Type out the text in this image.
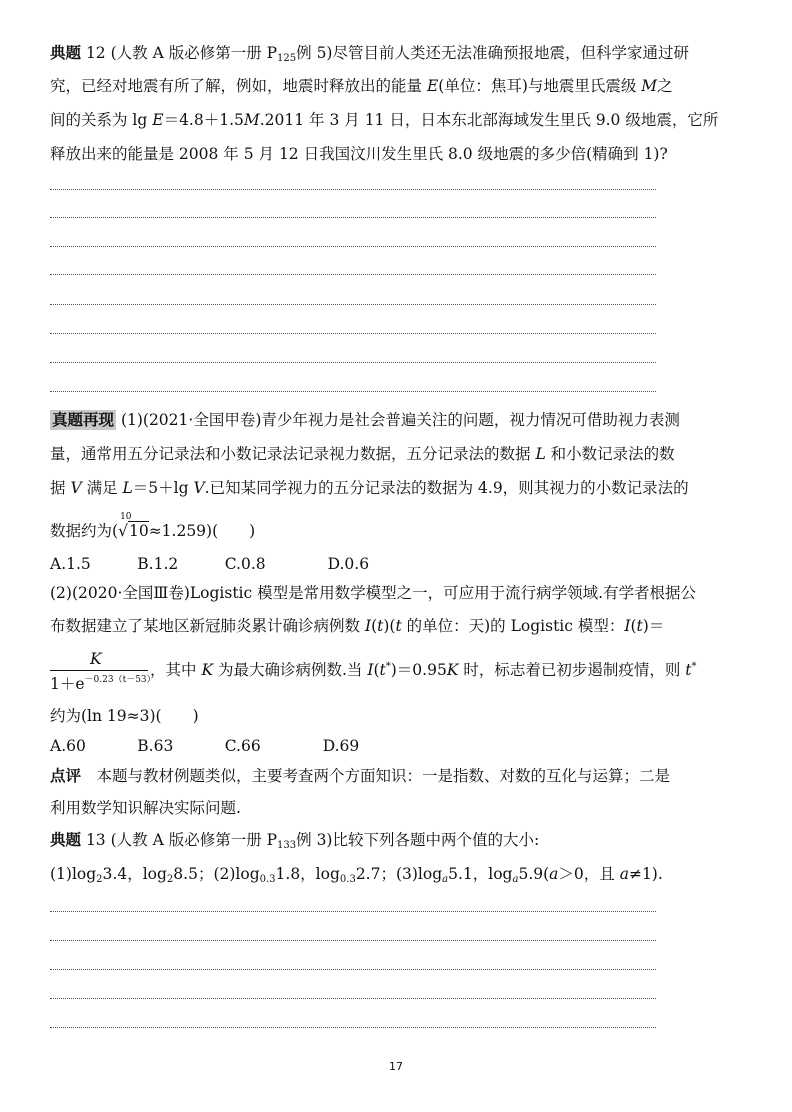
典题 12 (人教 A 版必修第一册 $P_{125}$例 5)尽管目前人类还无法准确预报地震，但科学家通过研
究，已经对地震有所了解，例如，地震时释放出的能量 E(单位：焦耳)与地震里氏震级 M之
间的关系为 lg E＝4.8＋1.5M.2011 年 3 月 11 日，日本东北部海域发生里氏 9.0 级地震，它所
释放出来的能量是 2008 年 5 月 12 日我国汶川发生里氏 8.0 级地震的多少倍(精确到 1)?
真题再现 (1)(2021·全国甲卷)青少年视力是社会普遍关注的问题，视力情况可借助视力表测
量，通常用五分记录法和小数记录法记录视力数据，五分记录法的数据 L 和小数记录法的数
据 V 满足 L＝5＋lg V.已知某同学视力的五分记录法的数据为 4.9，则其视力的小数记录法的
数据约为(
10
√10≈1.259)(　　)
A.1.5　　　B.1.2　　　C.0.8　　　　D.0.6
(2)(2020·全国Ⅲ卷)Logistic 模型是常用数学模型之一，可应用于流行病学领域.有学者根据公
布数据建立了某地区新冠肺炎累计确诊病例数 I(t)(t 的单位：天)的 Logistic 模型：I(t)＝
K
$1+e^{-0.23(t-53)}$
，其中 K 为最大确诊病例数.当 I(t*)＝0.95K 时，标志着已初步遏制疫情，则 t*
约为(ln 19≈3)(　　)
A.60　　　 B.63　　　 C.66　　　　D.69
点评　本题与教材例题类似，主要考查两个方面知识：一是指数、对数的互化与运算；二是
利用数学知识解决实际问题.
典题 13 (人教 A 版必修第一册 $P_{133}$例 3)比较下列各题中两个值的大小:
$(1)\log_23.4$，$\log_28.5$；$(2)\log_{0.3}1.8$，$\log_{0.3}2.7$；$(3)\log_a5.1$，$\log_a5.9(a>0$，且 a≠1).
17
